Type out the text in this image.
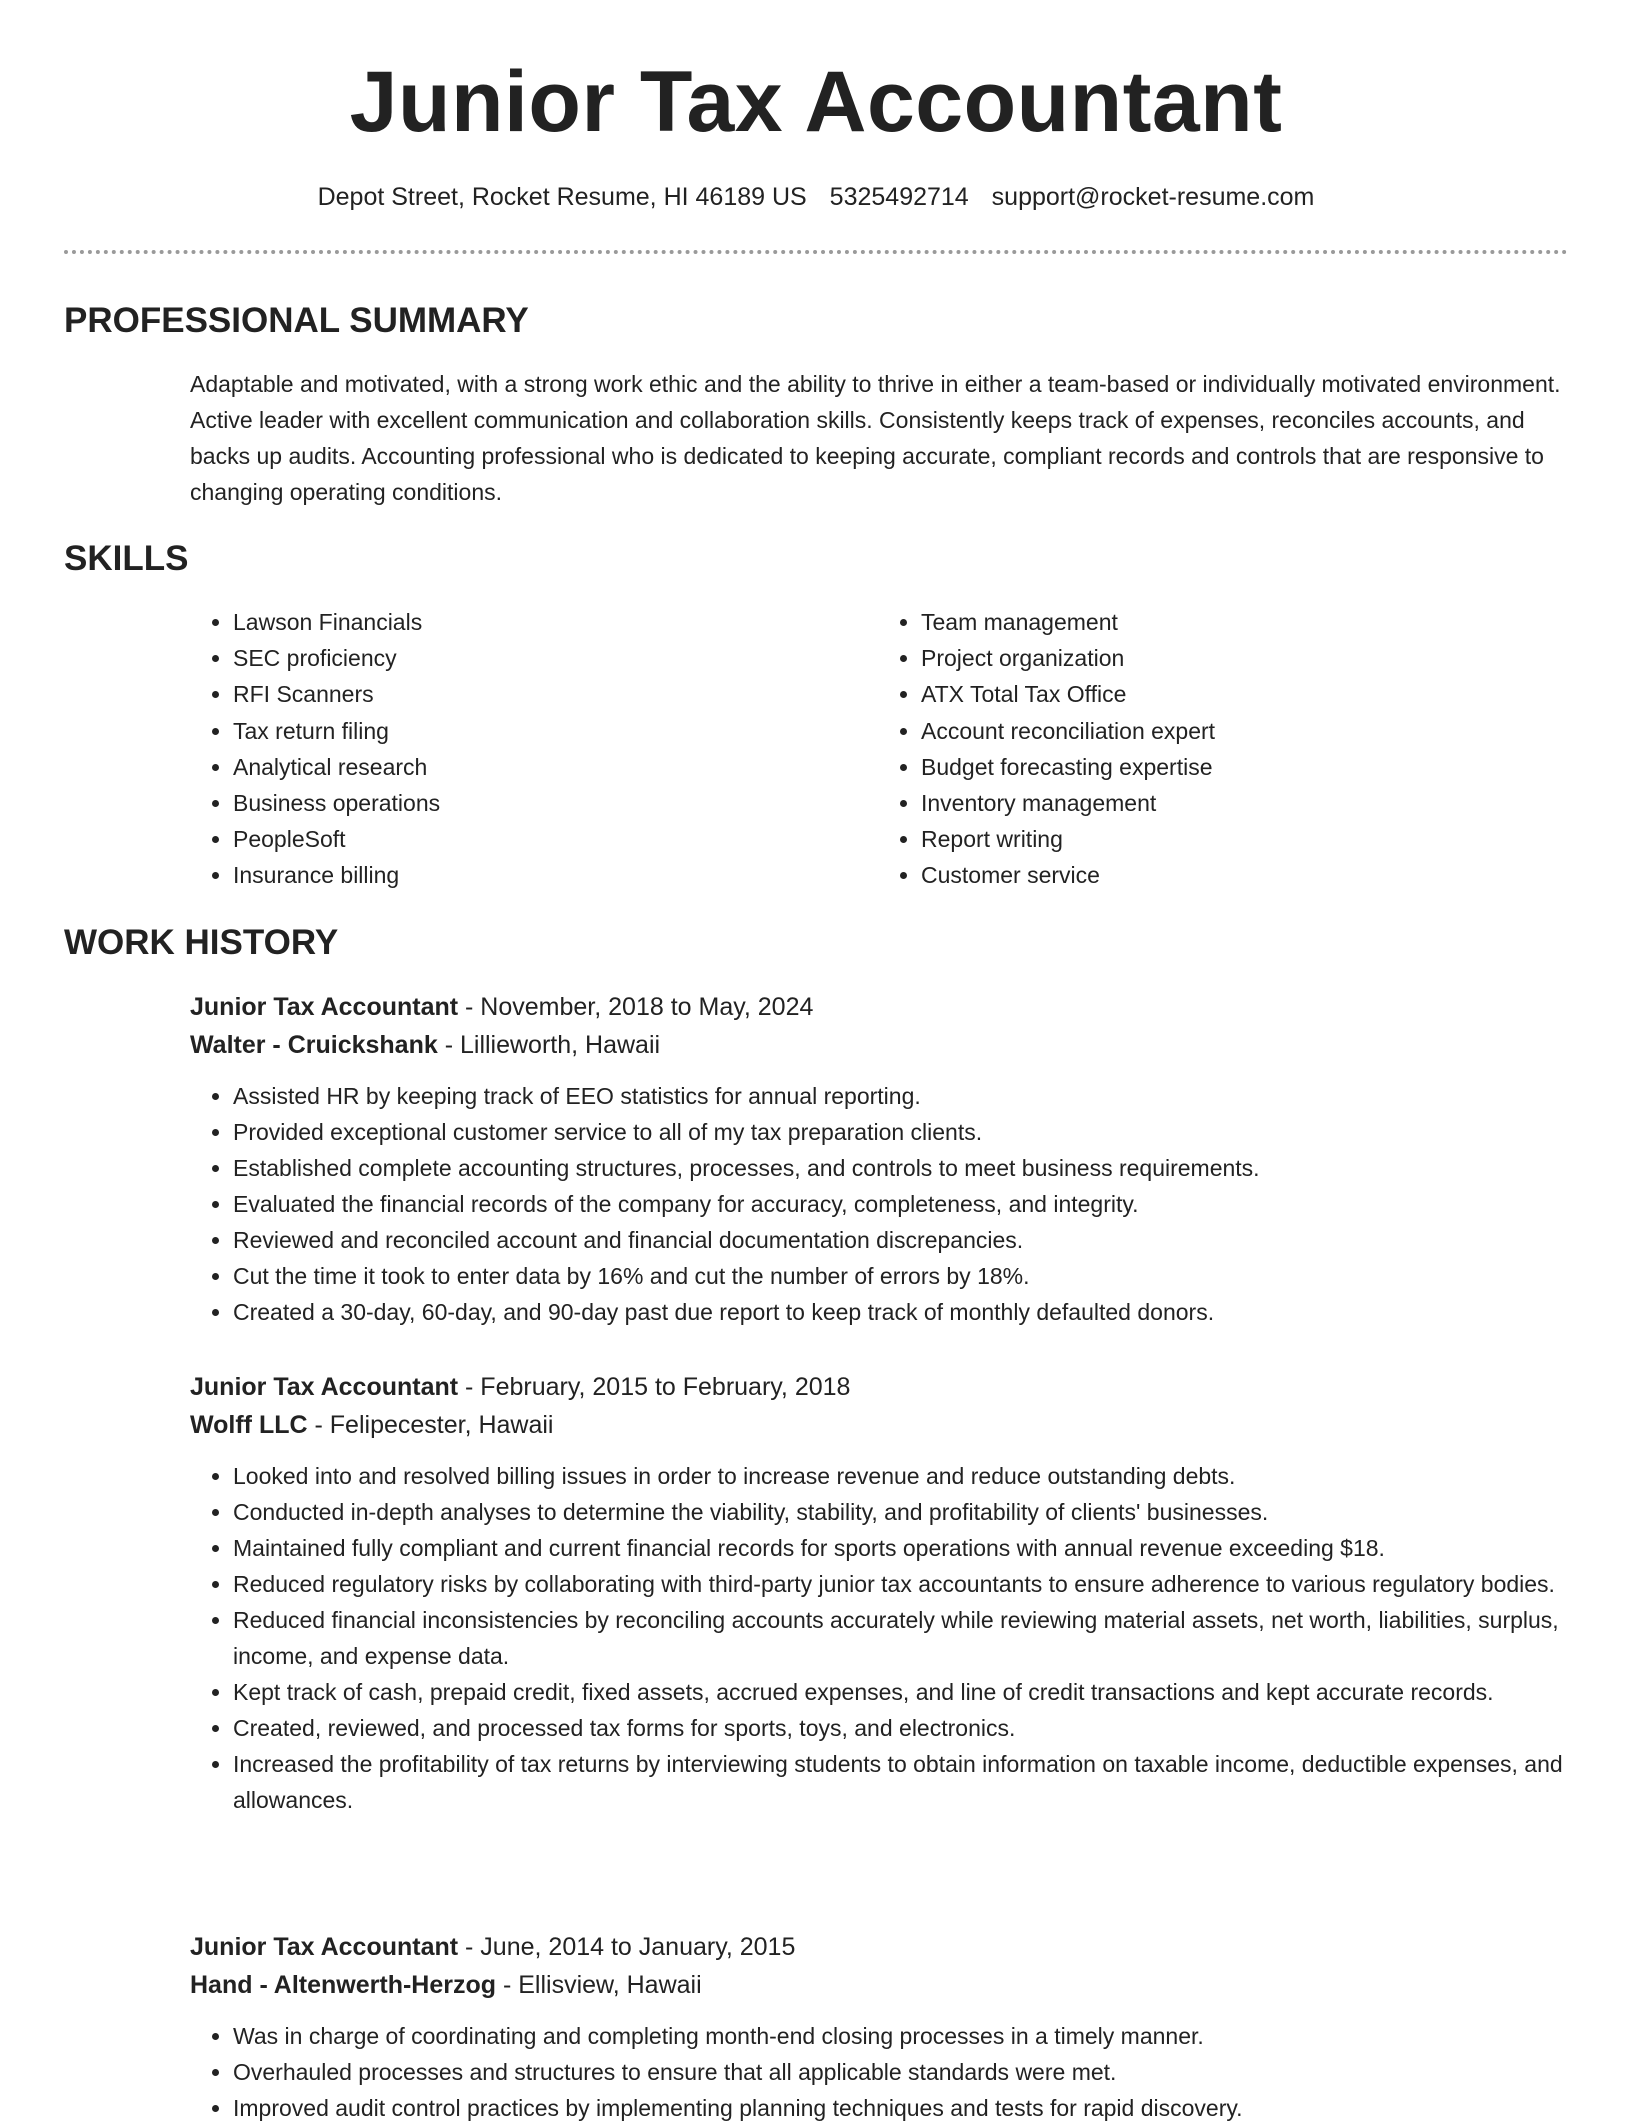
Junior Tax Accountant
Depot Street, Rocket Resume, HI 46189 US 5325492714 support@rocket-resume.com
PROFESSIONAL SUMMARY

Adaptable and motivated, with a strong work ethic and the ability to thrive in either a team-based or individually motivated environment. Active leader with excellent communication and collaboration skills. Consistently keeps track of expenses, reconciles accounts, and backs up audits. Accounting professional who is dedicated to keeping accurate, compliant records and controls that are responsive to changing operating conditions.

SKILLS
• Lawson Financials
• SEC proficiency
• RFI Scanners
• Tax return filing
• Analytical research
• Business operations
• PeopleSoft
• Insurance billing
• Team management
• Project organization
• ATX Total Tax Office
• Account reconciliation expert
• Budget forecasting expertise
• Inventory management
• Report writing
• Customer service
WORK HISTORY

Junior Tax Accountant - November, 2018 to May, 2024

Walter - Cruickshank - Lillieworth, Hawaii

• Assisted HR by keeping track of EEO statistics for annual reporting.
• Provided exceptional customer service to all of my tax preparation clients.
• Established complete accounting structures, processes, and controls to meet business requirements.
• Evaluated the financial records of the company for accuracy, completeness, and integrity.
• Reviewed and reconciled account and financial documentation discrepancies.
• Cut the time it took to enter data by 16% and cut the number of errors by 18%.
• Created a 30-day, 60-day, and 90-day past due report to keep track of monthly defaulted donors.

Junior Tax Accountant - February, 2015 to February, 2018

Wolff LLC - Felipecester, Hawaii

• Looked into and resolved billing issues in order to increase revenue and reduce outstanding debts.
• Conducted in-depth analyses to determine the viability, stability, and profitability of clients' businesses.
• Maintained fully compliant and current financial records for sports operations with annual revenue exceeding $18.
• Reduced regulatory risks by collaborating with third-party junior tax accountants to ensure adherence to various regulatory bodies.
• Reduced financial inconsistencies by reconciling accounts accurately while reviewing material assets, net worth, liabilities, surplus, income, and expense data.
• Kept track of cash, prepaid credit, fixed assets, accrued expenses, and line of credit transactions and kept accurate records.
• Created, reviewed, and processed tax forms for sports, toys, and electronics.
• Increased the profitability of tax returns by interviewing students to obtain information on taxable income, deductible expenses, and allowances.

Junior Tax Accountant - June, 2014 to January, 2015

Hand - Altenwerth-Herzog - Ellisview, Hawaii

• Was in charge of coordinating and completing month-end closing processes in a timely manner.
• Overhauled processes and structures to ensure that all applicable standards were met.
• Improved audit control practices by implementing planning techniques and tests for rapid discovery.
